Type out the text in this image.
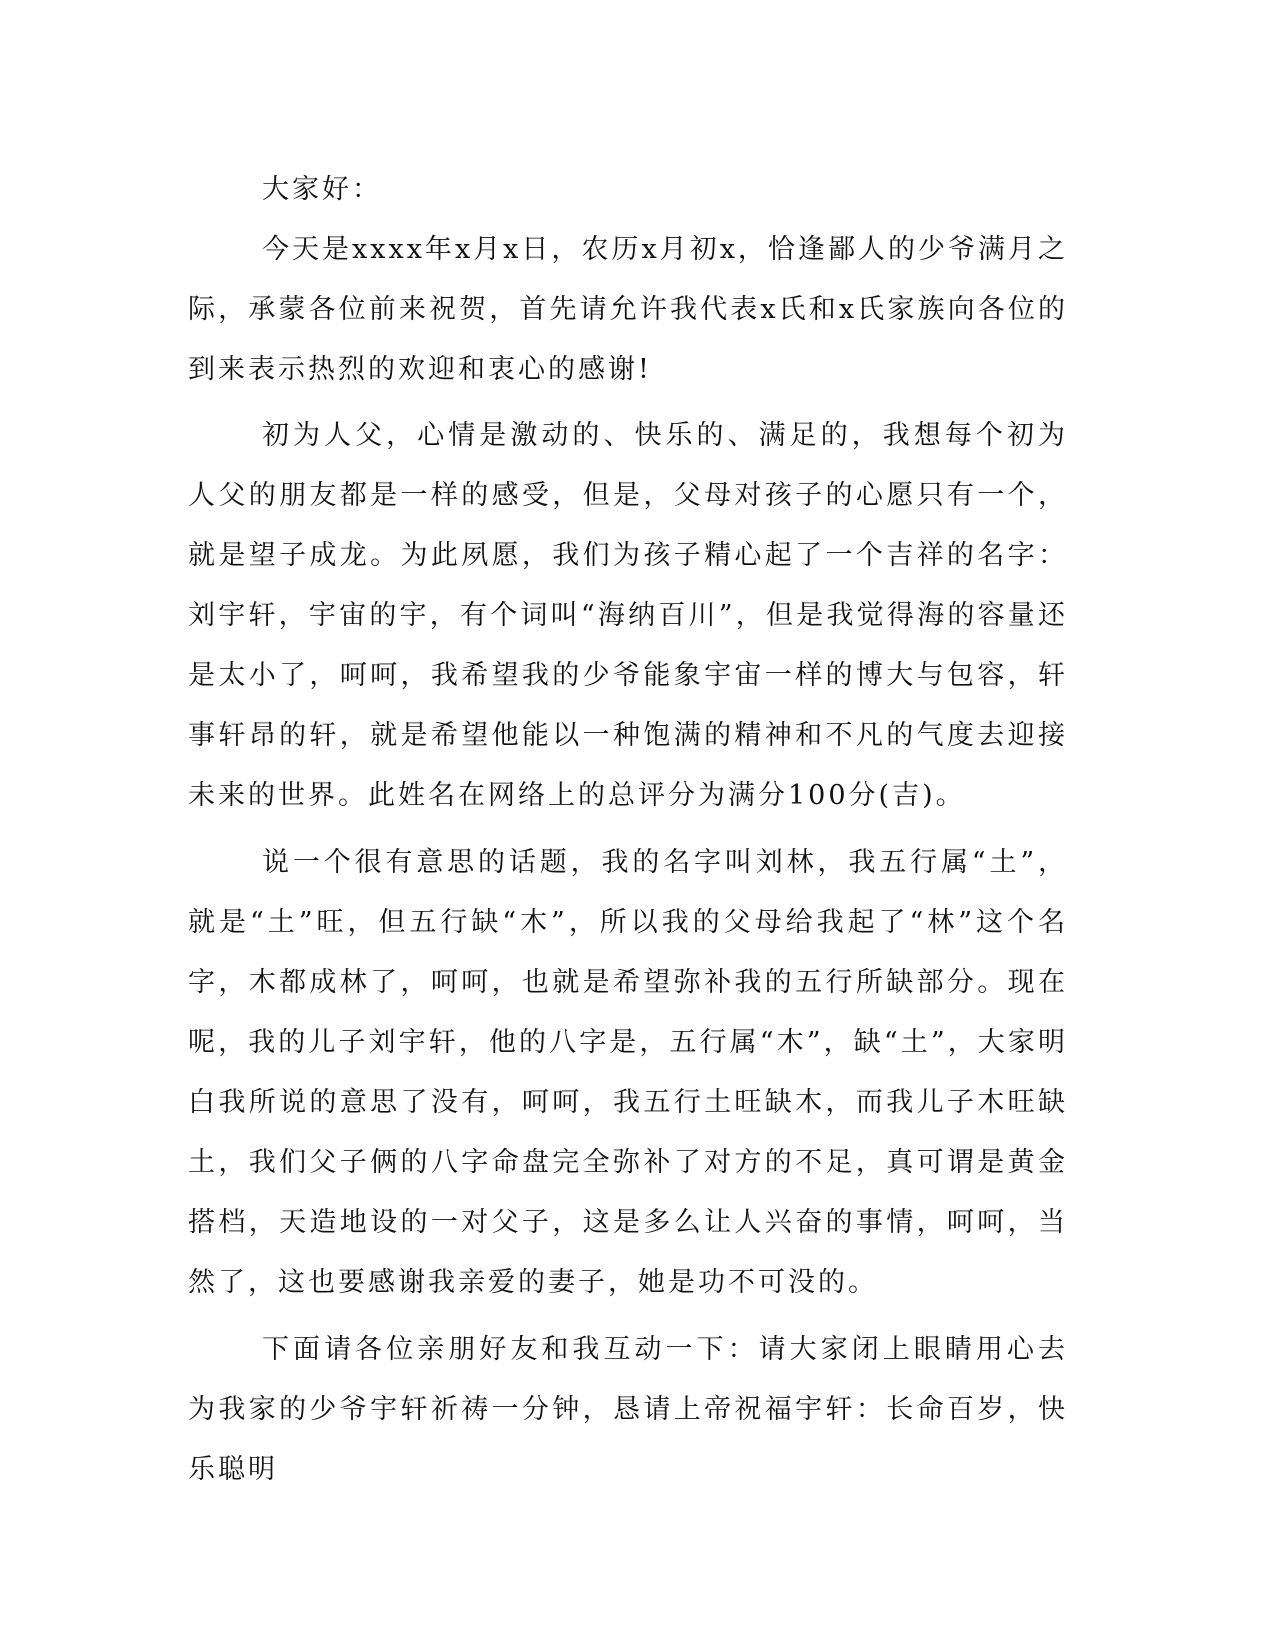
大家好：

今天是xxxx年x月x日，农历x月初x，恰逢鄙人的少爷满月之际，承蒙各位前来祝贺，首先请允许我代表x氏和x氏家族向各位的到来表示热烈的欢迎和衷心的感谢!

初为人父，心情是激动的、快乐的、满足的，我想每个初为人父的朋友都是一样的感受，但是，父母对孩子的心愿只有一个，就是望子成龙。为此夙愿，我们为孩子精心起了一个吉祥的名字：刘宇轩，宇宙的宇，有个词叫“海纳百川”，但是我觉得海的容量还是太小了，呵呵，我希望我的少爷能象宇宙一样的博大与包容，轩事轩昂的轩，就是希望他能以一种饱满的精神和不凡的气度去迎接未来的世界。此姓名在网络上的总评分为满分100分(吉)。

说一个很有意思的话题，我的名字叫刘林，我五行属“土”，就是“土”旺，但五行缺“木”，所以我的父母给我起了“林”这个名字，木都成林了，呵呵，也就是希望弥补我的五行所缺部分。现在呢，我的儿子刘宇轩，他的八字是，五行属“木”，缺“土”，大家明白我所说的意思了没有，呵呵，我五行土旺缺木，而我儿子木旺缺土，我们父子俩的八字命盘完全弥补了对方的不足，真可谓是黄金搭档，天造地设的一对父子，这是多么让人兴奋的事情，呵呵，当然了，这也要感谢我亲爱的妻子，她是功不可没的。

下面请各位亲朋好友和我互动一下：请大家闭上眼睛用心去为我家的少爷宇轩祈祷一分钟，恳请上帝祝福宇轩：长命百岁，快乐聪明
